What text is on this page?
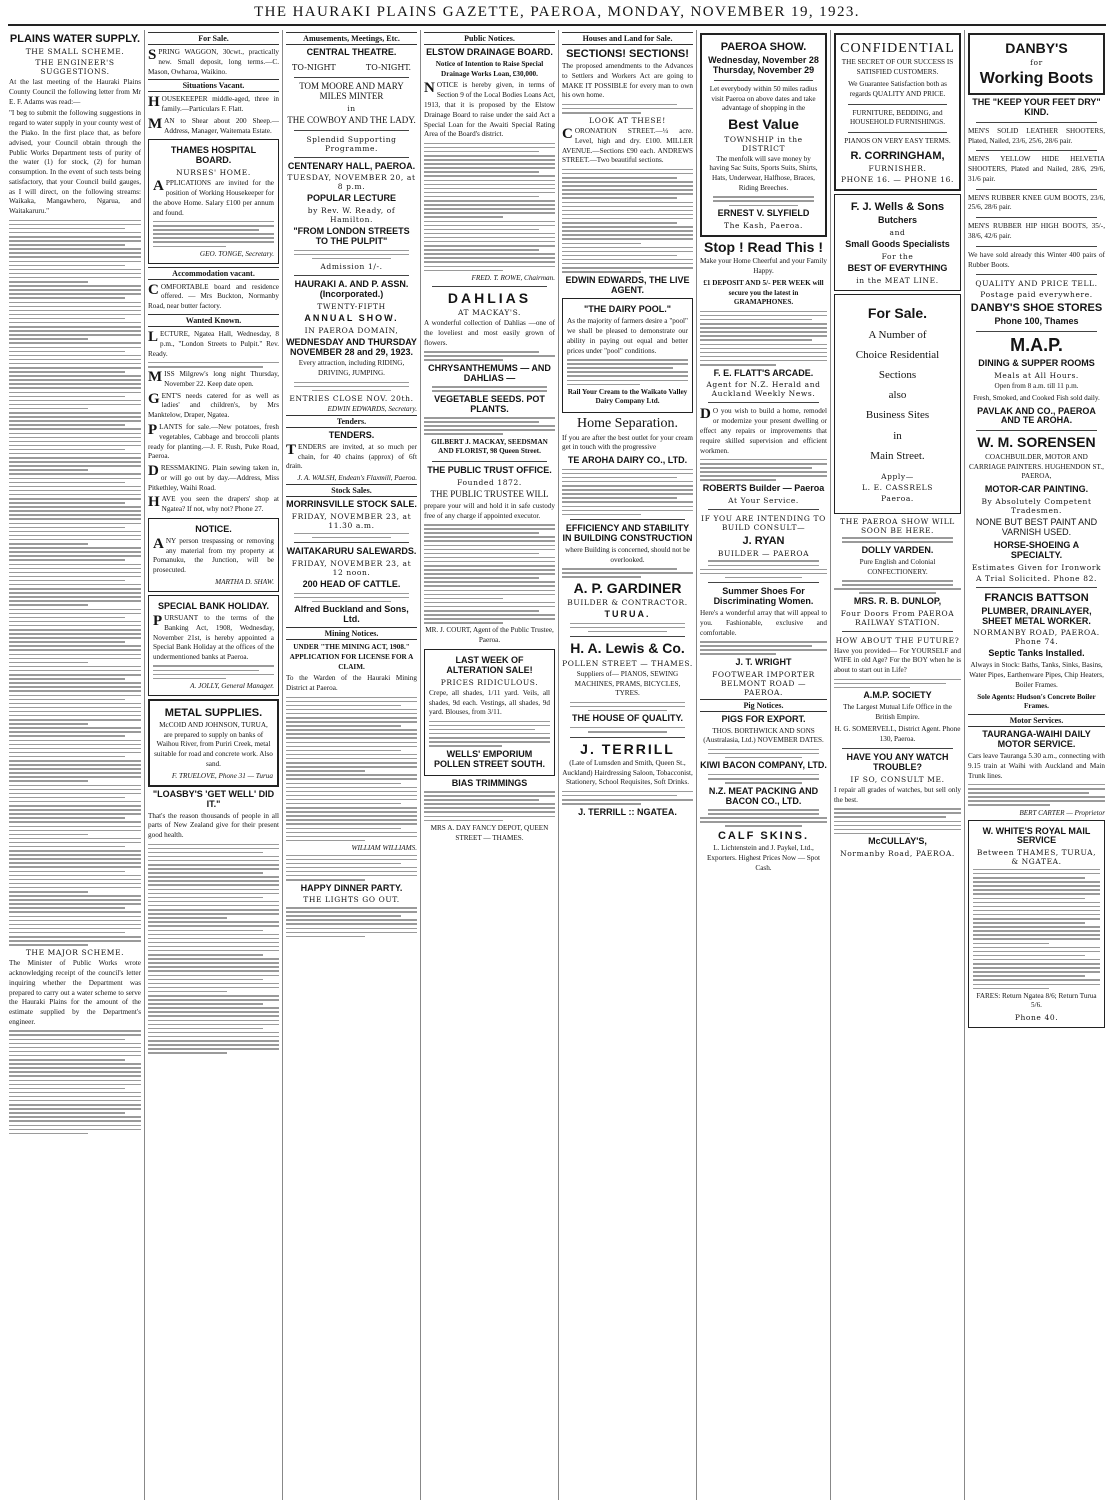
THE HAURAKI PLAINS GAZETTE, PAEROA, MONDAY, NOVEMBER 19, 1923.
PLAINS WATER SUPPLY.
THE SMALL SCHEME.
THE ENGINEER'S SUGGESTIONS.

At the last meeting of the Hauraki Plains County Council the following letter from Mr E. F. Adams was read:—

"I beg to submit the following suggestions in regard to water supply in your county west of the Piako. In the first place that, as before advised, your Council obtain through the Public Works Department tests of purity of the water (1) for stock, (2) for human consumption. In the event of such tests being satisfactory, that your Council build gauges, as I will direct, on the following streams: Waikaka, Mangawhero, Ngarua, and Waitakaruru."

THE MAJOR SCHEME.

The Minister of Public Works wrote acknowledging receipt of the council's letter inquiring whether the Department was prepared to carry out a water scheme to serve the Hauraki Plains for the amount of the estimate supplied by the Department's engineer.

For Sale.

SPRING WAGGON, 30cwt., practically new. Small deposit, long terms.—C. Mason, Owharoa, Waikino.

Situations Vacant.

HOUSEKEEPER middle-aged, three in family.—Particulars F. Flatt.

MAN to Shear about 200 Sheep.—Address, Manager, Waitemata Estate.

THAMES HOSPITAL BOARD.
NURSES' HOME.

APPLICATIONS are invited for the position of Working Housekeeper for the above Home. Salary £100 per annum and found.

GEO. TONGE, Secretary.
Accommodation vacant.

COMFORTABLE board and residence offered. — Mrs Buckton, Normanby Road, near butter factory.

Wanted Known.

LECTURE, Ngatea Hall, Wednesday, 8 p.m., "London Streets to Pulpit." Rev. Ready.

MISS Milgrew's long night Thursday, November 22. Keep date open.

GENT'S needs catered for as well as ladies' and children's, by Mrs Manktelow, Draper, Ngatea.

PLANTS for sale.—New potatoes, fresh vegetables, Cabbage and broccoli plants ready for planting.—J. F. Rush, Puke Road, Paeroa.

DRESSMAKING. Plain sewing taken in, or will go out by day.—Address, Miss Pitkethley, Waihi Road.

HAVE you seen the drapers' shop at Ngatea? If not, why not? Phone 27.

NOTICE.

ANY person trespassing or removing any material from my property at Pomanuku, the Junction, will be prosecuted.

MARTHA D. SHAW.
SPECIAL BANK HOLIDAY.

PURSUANT to the terms of the Banking Act, 1908, Wednesday, November 21st, is hereby appointed a Special Bank Holiday at the offices of the undermentioned banks at Paeroa.

A. JOLLY, General Manager.
METAL SUPPLIES.

McCOID AND JOHNSON, TURUA, are prepared to supply on banks of Waihou River, from Puriri Creek, metal suitable for road and concrete work. Also sand.

F. TRUELOVE, Phone 31 — Turua
"LOASBY'S 'GET WELL' DID IT."

That's the reason thousands of people in all parts of New Zealand give for their present good health.

Amusements, Meetings, Etc.
CENTRAL THEATRE.
TO-NIGHT	TO-NIGHT.
TOM MOORE AND MARY MILES MINTER
in
THE COWBOY AND THE LADY.
Splendid Supporting Programme.
CENTENARY HALL, PAEROA.
TUESDAY, NOVEMBER 20, at 8 p.m.
POPULAR LECTURE
by Rev. W. Ready, of Hamilton.
"FROM LONDON STREETS TO THE PULPIT"
Admission 1/-.
HAURAKI A. AND P. ASSN. (Incorporated.)
TWENTY-FIFTH
ANNUAL SHOW.
IN PAEROA DOMAIN,
WEDNESDAY AND THURSDAY NOVEMBER 28 and 29, 1923.

Every attraction, including RIDING, DRIVING, JUMPING.

ENTRIES CLOSE NOV. 20th.
EDWIN EDWARDS, Secretary.
Tenders.
TENDERS.

TENDERS are invited, at so much per chain, for 40 chains (approx) of 6ft drain.

J. A. WALSH, Endean's Flaxmill, Paeroa.
Stock Sales.
MORRINSVILLE STOCK SALE.
FRIDAY, NOVEMBER 23, at 11.30 a.m.
WAITAKARURU SALEWARDS.
FRIDAY, NOVEMBER 23, at 12 noon.
200 HEAD OF CATTLE.
Alfred Buckland and Sons, Ltd.
Mining Notices.

UNDER "THE MINING ACT, 1908." APPLICATION FOR LICENSE FOR A CLAIM.

To the Warden of the Hauraki Mining District at Paeroa.

WILLIAM WILLIAMS.
HAPPY DINNER PARTY.
THE LIGHTS GO OUT.
Public Notices.
ELSTOW DRAINAGE BOARD.

Notice of Intention to Raise Special Drainage Works Loan, £30,000.

NOTICE is hereby given, in terms of Section 9 of the Local Bodies Loans Act, 1913, that it is proposed by the Elstow Drainage Board to raise under the said Act a Special Loan for the Awaiti Special Rating Area of the Board's district.

FRED. T. ROWE, Chairman.
DAHLIAS
AT MACKAY'S.

A wonderful collection of Dahlias —one of the loveliest and most easily grown of flowers.

CHRYSANTHEMUMS — AND DAHLIAS —
VEGETABLE SEEDS. POT PLANTS.

GILBERT J. MACKAY, SEEDSMAN AND FLORIST, 98 Queen Street.

THE PUBLIC TRUST OFFICE.
Founded 1872.
THE PUBLIC TRUSTEE WILL

prepare your will and hold it in safe custody free of any charge if appointed executor.

MR. J. COURT, Agent of the Public Trustee, Paeroa.

LAST WEEK OF ALTERATION SALE!
PRICES RIDICULOUS.

Crepe, all shades, 1/11 yard. Veils, all shades, 9d each. Vestings, all shades, 9d yard. Blouses, from 3/11.

WELLS' EMPORIUM POLLEN STREET SOUTH.
BIAS TRIMMINGS

MRS A. DAY FANCY DEPOT, QUEEN STREET — THAMES.

Houses and Land for Sale.
SECTIONS! SECTIONS!

The proposed amendments to the Advances to Settlers and Workers Act are going to MAKE IT POSSIBLE for every man to own his own home.

LOOK AT THESE!

CORONATION STREET.—¼ acre. Level, high and dry. £100. MILLER AVENUE.—Sections £90 each. ANDREWS STREET.—Two beautiful sections.

EDWIN EDWARDS, THE LIVE AGENT.
"THE DAIRY POOL."

As the majority of farmers desire a "pool" we shall be pleased to demonstrate our ability in paying out equal and better prices under "pool" conditions.

Rail Your Cream to the Waikato Valley Dairy Company Ltd.

Home Separation.

If you are after the best outlet for your cream get in touch with the progressive

TE AROHA DAIRY CO., LTD.
EFFICIENCY AND STABILITY IN BUILDING CONSTRUCTION

where Building is concerned, should not be overlooked.

A. P. GARDINER
BUILDER & CONTRACTOR.
TURUA.
H. A. Lewis & Co.
POLLEN STREET — THAMES.

Suppliers of— PIANOS, SEWING MACHINES, PRAMS, BICYCLES, TYRES.

THE HOUSE OF QUALITY.
J. TERRILL

(Late of Lumsden and Smith, Queen St., Auckland) Hairdressing Saloon, Tobacconist, Stationery, School Requisites, Soft Drinks.

J. TERRILL :: NGATEA.
PAEROA SHOW.
Wednesday, November 28 Thursday, November 29

Let everybody within 50 miles radius visit Paeroa on above dates and take advantage of shopping in the

Best Value
TOWNSHIP in the DISTRICT

The menfolk will save money by having Sac Suits, Sports Suits, Shirts, Hats, Underwear, Halfhose, Braces, Riding Breeches.

ERNEST V. SLYFIELD
The Kash, Paeroa.
Stop ! Read This !

Make your Home Cheerful and your Family Happy.

£1 DEPOSIT AND 5/- PER WEEK will secure you the latest in GRAMAPHONES.

F. E. FLATT'S ARCADE.
Agent for N.Z. Herald and Auckland Weekly News.

DO you wish to build a home, remodel or modernize your present dwelling or effect any repairs or improvements that require skilled supervision and efficient workmen.

ROBERTS Builder — Paeroa
At Your Service.
IF YOU ARE INTENDING TO BUILD CONSULT—
J. RYAN
BUILDER — PAEROA
Summer Shoes For Discriminating Women.

Here's a wonderful array that will appeal to you. Fashionable, exclusive and comfortable.

J. T. WRIGHT
FOOTWEAR IMPORTER BELMONT ROAD — PAEROA.
Pig Notices.
PIGS FOR EXPORT.

THOS. BORTHWICK AND SONS (Australasia, Ltd.) NOVEMBER DATES.

KIWI BACON COMPANY, LTD.
N.Z. MEAT PACKING AND BACON CO., LTD.
CALF SKINS.

L. Lichtenstein and J. Paykel, Ltd., Exporters. Highest Prices Now — Spot Cash.

CONFIDENTIAL

THE SECRET OF OUR SUCCESS IS SATISFIED CUSTOMERS.

We Guarantee Satisfaction both as regards QUALITY AND PRICE.

FURNITURE, BEDDING, and HOUSEHOLD FURNISHINGS.

PIANOS ON VERY EASY TERMS.

R. CORRINGHAM,
FURNISHER.
PHONE 16. — PHONE 16.
F. J. Wells & Sons
Butchers
and
Small Goods Specialists
For the
BEST OF EVERYTHING
in the MEAT LINE.
For Sale.
A Number of
Choice Residential
Sections
also
Business Sites
in
Main Street.
Apply—
L. E. CASSRELS
Paeroa.
THE PAEROA SHOW WILL SOON BE HERE.
DOLLY VARDEN.

Pure English and Colonial CONFECTIONERY.

MRS. R. B. DUNLOP,
Four Doors From PAEROA RAILWAY STATION.
HOW ABOUT THE FUTURE?

Have you provided— For YOURSELF and WIFE in old Age? For the BOY when he is about to start out in Life?

A.M.P. SOCIETY

The Largest Mutual Life Office in the British Empire.

H. G. SOMERVELL, District Agent. Phone 130, Paeroa.

HAVE YOU ANY WATCH TROUBLE?
IF SO, CONSULT ME.

I repair all grades of watches, but sell only the best.

McCULLAY'S,
Normanby Road, PAEROA.
DANBY'S
for
Working Boots
THE "KEEP YOUR FEET DRY" KIND.

MEN'S SOLID LEATHER SHOOTERS, Plated, Nailed, 23/6, 25/6, 28/6 pair.

MEN'S YELLOW HIDE HELVETIA SHOOTERS, Plated and Nailed, 28/6, 29/6, 31/6 pair.

MEN'S RUBBER KNEE GUM BOOTS, 23/6, 25/6, 28/6 pair.

MEN'S RUBBER HIP HIGH BOOTS, 35/-, 38/6, 42/6 pair.

We have sold already this Winter 400 pairs of Rubber Boots.

QUALITY AND PRICE TELL.
Postage paid everywhere.
DANBY'S SHOE STORES
Phone 100, Thames
M.A.P.
DINING & SUPPER ROOMS
Meals at All Hours.

Open from 8 a.m. till 11 p.m.

Fresh, Smoked, and Cooked Fish sold daily.

PAVLAK AND CO., PAEROA AND TE AROHA.
W. M. SORENSEN

COACHBUILDER, MOTOR AND CARRIAGE PAINTERS. HUGHENDON ST., PAEROA,

MOTOR-CAR PAINTING.
By Absolutely Competent Tradesmen.
NONE BUT BEST PAINT AND VARNISH USED.
HORSE-SHOEING A SPECIALTY.
Estimates Given for Ironwork
A Trial Solicited. Phone 82.
FRANCIS BATTSON
PLUMBER, DRAINLAYER, SHEET METAL WORKER.
NORMANBY ROAD, PAEROA. Phone 74.
Septic Tanks Installed.

Always in Stock: Baths, Tanks, Sinks, Basins, Water Pipes, Earthenware Pipes, Chip Heaters, Boiler Frames.

Sole Agents: Hudson's Concrete Boiler Frames.

Motor Services.
TAURANGA-WAIHI DAILY MOTOR SERVICE.

Cars leave Tauranga 5.30 a.m., connecting with 9.15 train at Waihi with Auckland and Main Trunk lines.

BERT CARTER — Proprietor
W. WHITE'S ROYAL MAIL SERVICE
Between THAMES, TURUA, & NGATEA.

FARES: Return Ngatea 8/6; Return Turua 5/6.

Phone 40.
